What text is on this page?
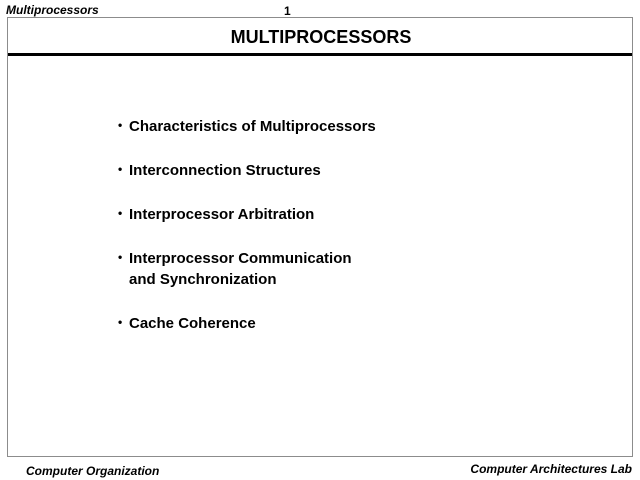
Multiprocessors	1
MULTIPROCESSORS
• Characteristics of Multiprocessors
• Interconnection Structures
• Interprocessor Arbitration
• Interprocessor Communication
and Synchronization
• Cache Coherence
Computer Organization	Computer Architectures Lab
